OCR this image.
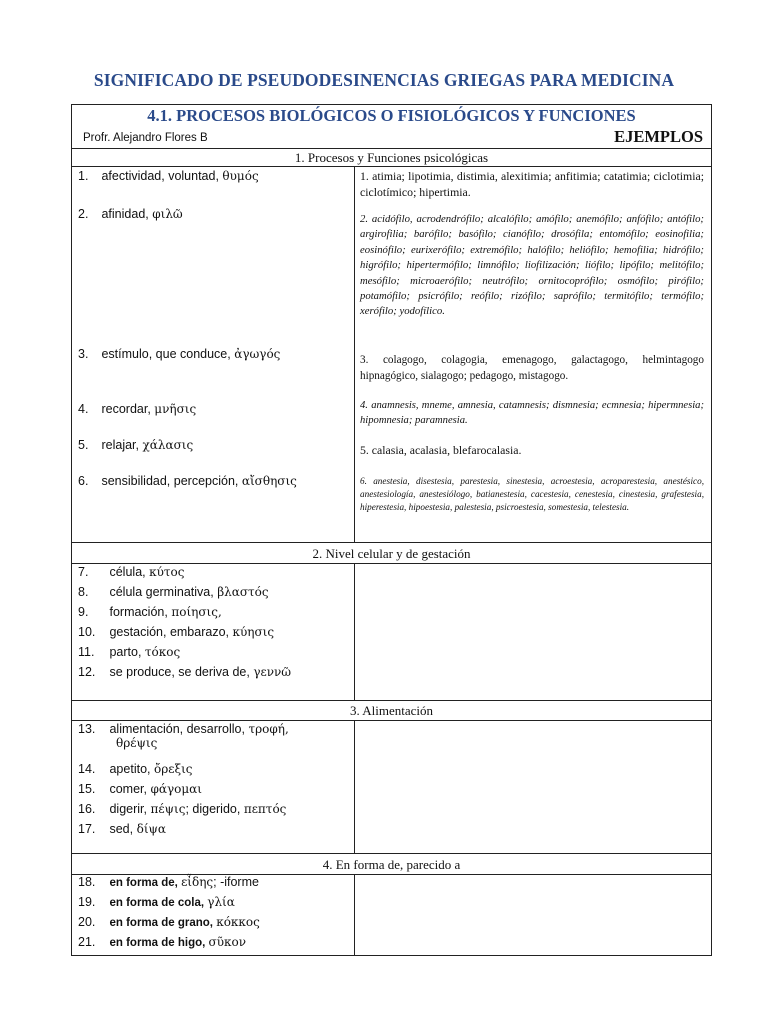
SIGNIFICADO DE PSEUDODESINENCIAS GRIEGAS PARA MEDICINA
4.1. PROCESOS BIOLÓGICOS O FISIOLÓGICOS Y FUNCIONES
Profr. Alejandro Flores B	EJEMPLOS
1. Procesos y Funciones psicológicas
1. afectividad, voluntad, θυμός
2. afinidad, φιλῶ
3. estímulo, que conduce, ἀγωγός
4. recordar, μνῆσις
5. relajar, χάλασις
6. sensibilidad, percepción, αἴσθησις
1. atimia; lipotimia, distimia, alexitimia; anfitimia; catatimia; ciclotimia; ciclotímico; hipertimia.
2. acidófilo, acrodendrófilo; alcalófilo; amófilo; anemófilo; anfófilo; antófilo; argirofilia; barófilo; basófilo; cianófilo; drosófila; entomófilo; eosinofilia; eosinófilo; eurixerófilo; extremófilo; halófilo; heliófilo; hemofilia; hidrófilo; higrófilo; hipertermófilo; limnófilo; liofilización; liófilo; lipófilo; melitófilo; mesófilo; microaerófilo; neutrófilo; ornitocoprófilo; osmófilo; pirófilo; potamófilo; psicrófilo; reófilo; rizófilo; saprófilo; termitófilo; termófilo; xerófilo; yodofílico.
3. colagogo, colagogia, emenagogo, galactagogo, helmintagogo hipnagógico, sialagogo; pedagogo, mistagogo.
4. anamnesis, mneme, amnesia, catamnesis; dismnesia; ecmnesia; hipermnesia; hipomnesia; paramnesia.
5. calasia, acalasia, blefarocalasia.
6. anestesia, disestesia, parestesia, sinestesia, acroestesia, acroparestesia, anestésico, anestesiología, anestesiólogo, batianestesia, cacestesia, cenestesia, cinestesia, grafestesia, hiperestesia, hipoestesia, palestesia, psicroestesia, somestesia, telestesia.
2. Nivel celular y de gestación
7. célula, κύτος
8. célula germinativa, βλαστός
9. formación, ποίησις,
10. gestación, embarazo, κύησις
11. parto, τόκος
12. se produce, se deriva de, γεννῶ
3. Alimentación
13. alimentación, desarrollo, τροφή,
θρέψις
14. apetito, ὄρεξις
15. comer, φάγομαι
16. digerir, πέψις; digerido, πεπτός
17. sed, δίψα
4. En forma de, parecido a
18. en forma de, εἶδης; -iforme
19. en forma de cola, γλία
20. en forma de grano, κόκκος
21. en forma de higo, σῦκον
